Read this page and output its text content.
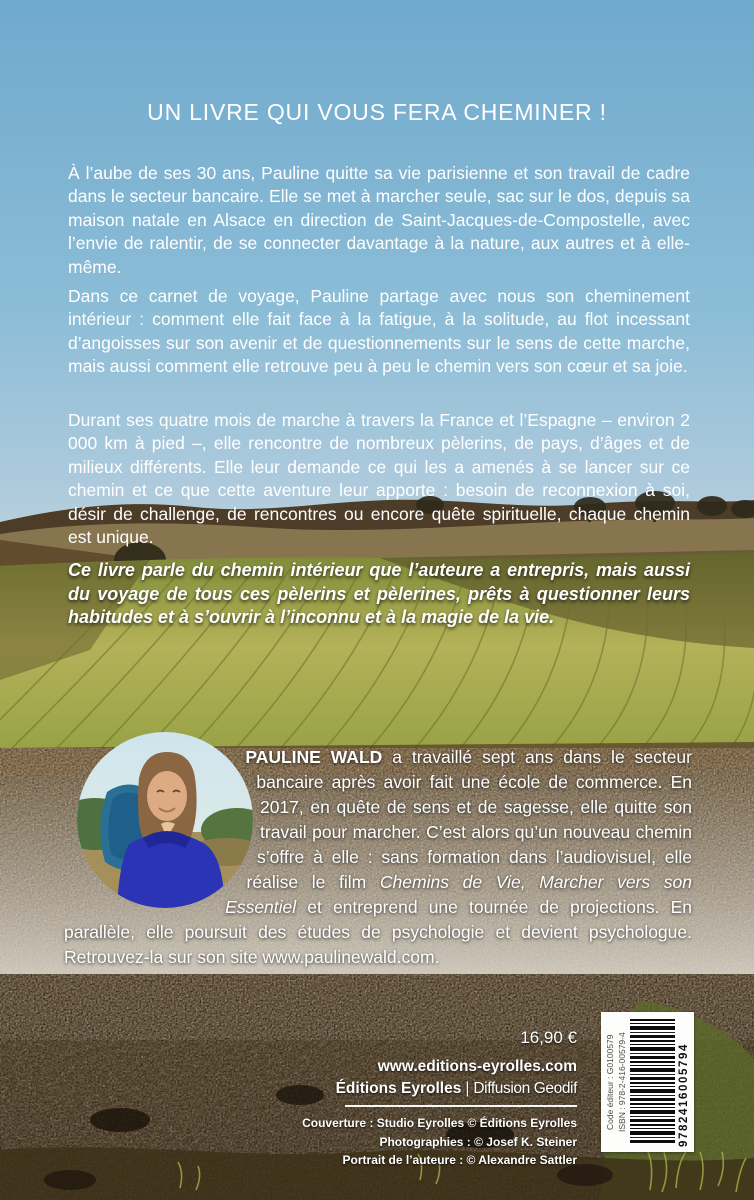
UN LIVRE QUI VOUS FERA CHEMINER !

À l’aube de ses 30 ans, Pauline quitte sa vie parisienne et son travail de cadre dans le secteur bancaire. Elle se met à marcher seule, sac sur le dos, depuis sa maison natale en Alsace en direction de Saint-Jacques-de-Compostelle, avec l’envie de ralentir, de se connecter davantage à la nature, aux autres et à elle-même.

Dans ce carnet de voyage, Pauline partage avec nous son cheminement intérieur : comment elle fait face à la fatigue, à la solitude, au flot incessant d’angoisses sur son avenir et de questionnements sur le sens de cette marche, mais aussi comment elle retrouve peu à peu le chemin vers son cœur et sa joie.

Durant ses quatre mois de marche à travers la France et l’Espagne – environ 2 000 km à pied –, elle rencontre de nombreux pèlerins, de pays, d’âges et de milieux différents. Elle leur demande ce qui les a amenés à se lancer sur ce chemin et ce que cette aventure leur apporte : besoin de reconnexion à soi, désir de challenge, de rencontres ou encore quête spirituelle, chaque chemin est unique.

Ce livre parle du chemin intérieur que l’auteure a entrepris, mais aussi du voyage de tous ces pèlerins et pèlerines, prêts à questionner leurs habitudes et à s’ouvrir à l’inconnu et à la magie de la vie.

PAULINE WALD a travaillé sept ans dans le secteur bancaire après avoir fait une école de commerce. En 2017, en quête de sens et de sagesse, elle quitte son travail pour marcher. C’est alors qu’un nouveau chemin s’offre à elle : sans formation dans l’audiovisuel, elle réalise le film Chemins de Vie, Marcher vers son Essentiel et entreprend une tournée de projections. En parallèle, elle poursuit des études de psychologie et devient psychologue. Retrouvez-la sur son site www.paulinewald.com.
16,90 €
www.editions-eyrolles.com
Éditions Eyrolles | Diffusion Geodif
Couverture : Studio Eyrolles © Éditions Eyrolles
Photographies : © Josef K. Steiner
Portrait de l’auteure : © Alexandre Sattler
Code éditeur : G0100579 ISBN : 978-2-416-00579-4	9782416005794
